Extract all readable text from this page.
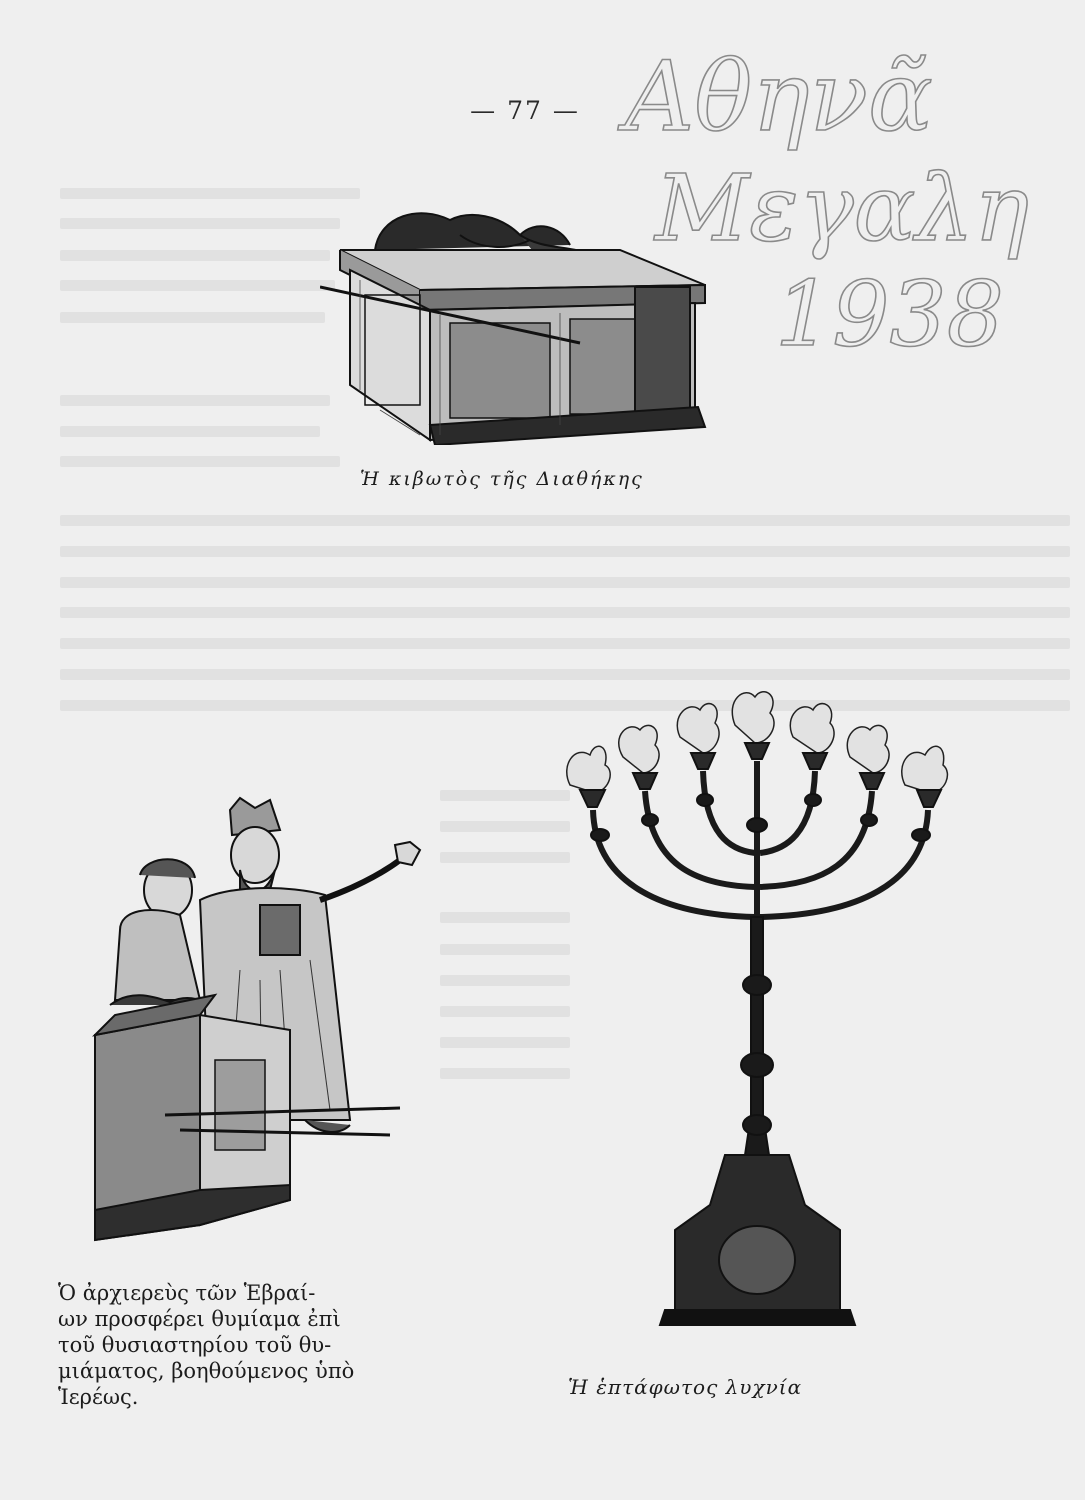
— 77 — Αθηνᾶ
Μεγαλη
1938
Ἡ κιβωτὸς τῆς Διαθήκης
Ὁ ἀρχιερεὺς τῶν Ἑβραί-
ων προσφέρει θυμίαμα ἐπὶ
τοῦ θυσιαστηρίου τοῦ θυ-
μιάματος, βοηθούμενος ὑπὸ
Ἱερέως.	Ἡ ἑπτάφωτος λυχνία
